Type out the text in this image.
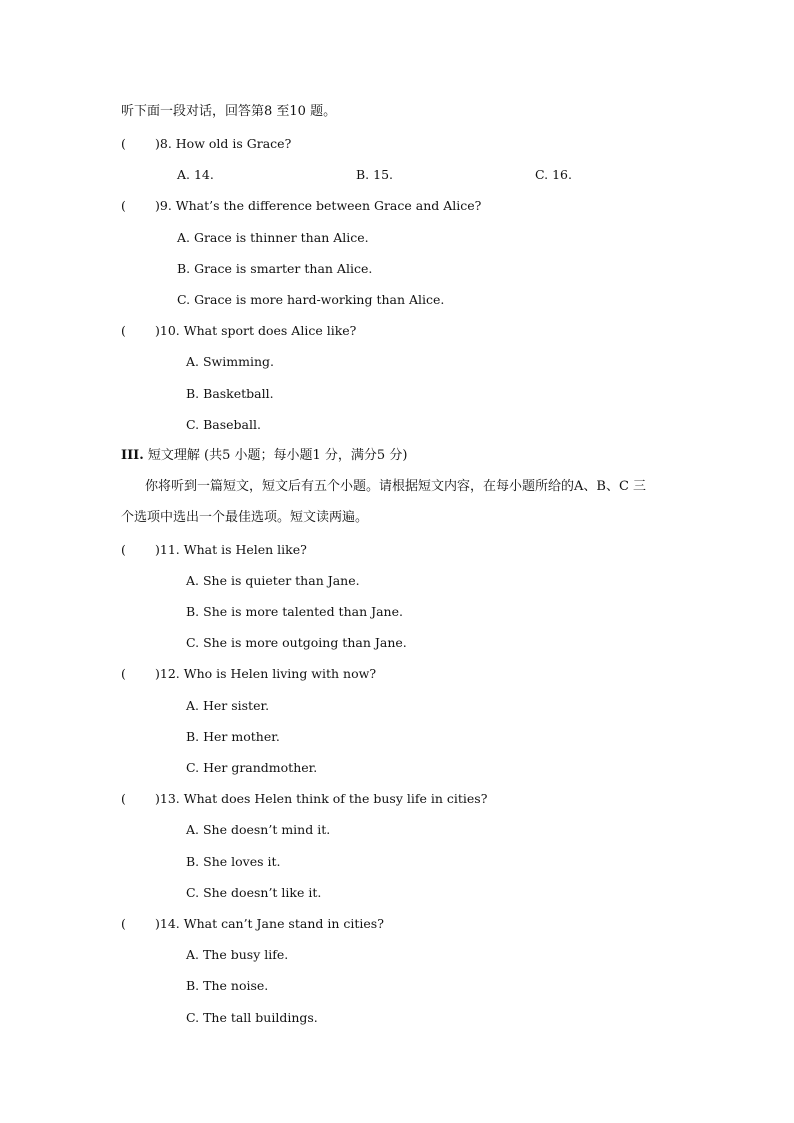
听下面一段对话，回答第8 至10 题。
( )8. How old is Grace?
A. 14.	B. 15.	C. 16.
( )9. What’s the difference between Grace and Alice?
A. Grace is thinner than Alice.
B. Grace is smarter than Alice.
C. Grace is more hard-working than Alice.
( )10. What sport does Alice like?
A. Swimming.
B. Basketball.
C. Baseball.
III. 短文理解 (共5 小题；每小题1 分，满分5 分)
你将听到一篇短文，短文后有五个小题。请根据短文内容，在每小题所给的A、B、C 三
个选项中选出一个最佳选项。短文读两遍。
( )11. What is Helen like?
A. She is quieter than Jane.
B. She is more talented than Jane.
C. She is more outgoing than Jane.
( )12. Who is Helen living with now?
A. Her sister.
B. Her mother.
C. Her grandmother.
( )13. What does Helen think of the busy life in cities?
A. She doesn’t mind it.
B. She loves it.
C. She doesn’t like it.
( )14. What can’t Jane stand in cities?
A. The busy life.
B. The noise.
C. The tall buildings.
